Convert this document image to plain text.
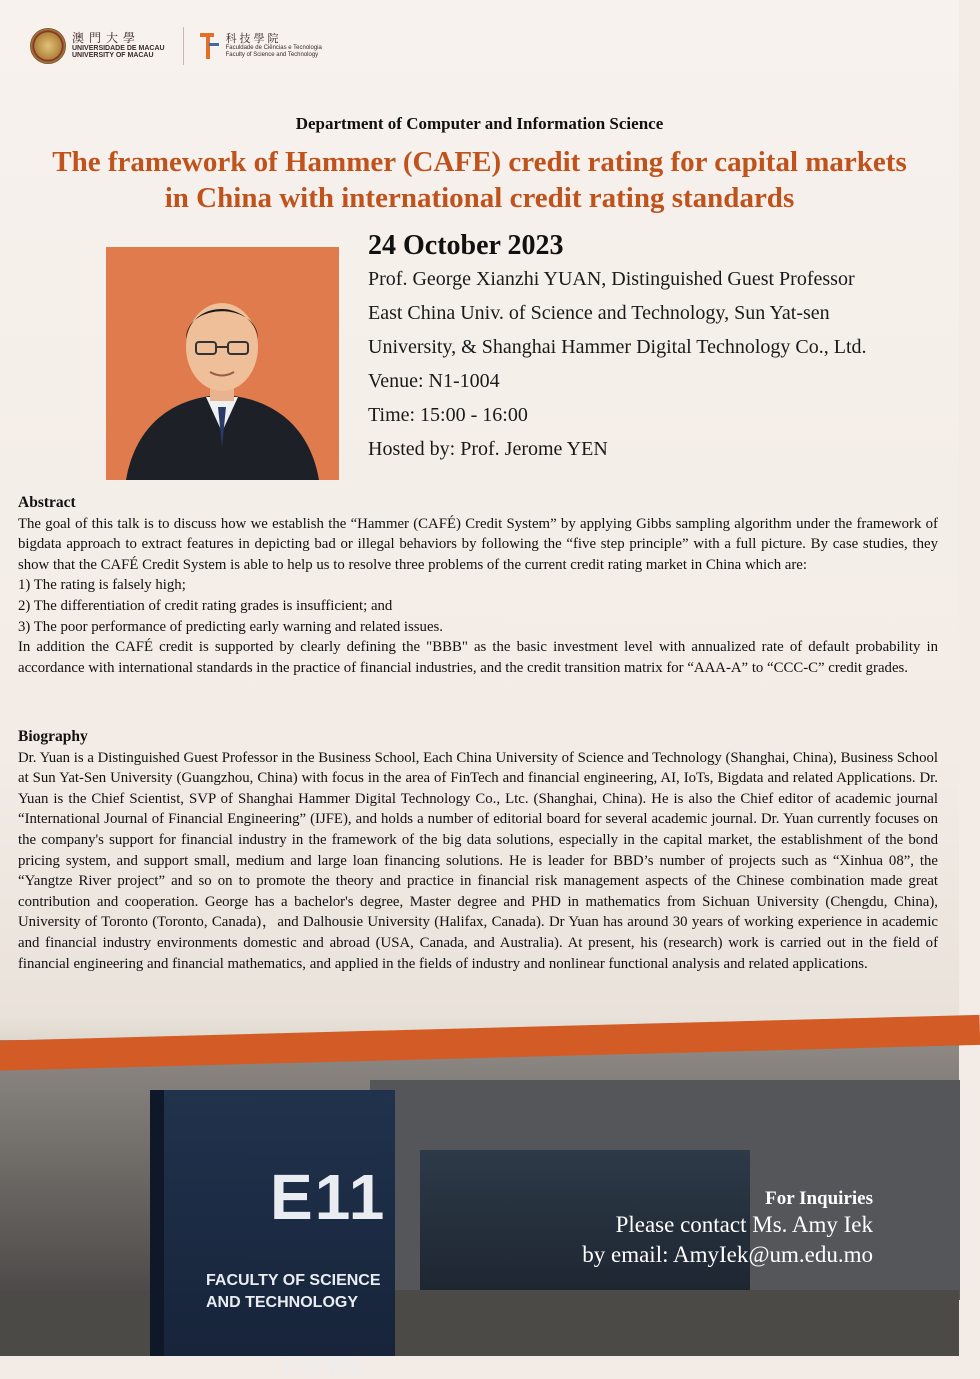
澳門大學
UNIVERSIDADE DE MACAU
UNIVERSITY OF MACAU
科技學院
Faculdade de Ciências e Tecnologia
Faculty of Science and Technology
Department of Computer and Information Science
The framework of Hammer (CAFE) credit rating for capital markets in China with international credit rating standards
24 October 2023
Prof. George Xianzhi YUAN, Distinguished Guest Professor
East China Univ. of Science and Technology, Sun Yat-sen
University, & Shanghai Hammer Digital Technology Co., Ltd.
Venue: N1-1004
Time: 15:00 - 16:00
Hosted by: Prof. Jerome YEN
Abstract

The goal of this talk is to discuss how we establish the “Hammer (CAFÉ) Credit System” by applying Gibbs sampling algorithm under the framework of bigdata approach to extract features in depicting bad or illegal behaviors by following the “five step principle” with a full picture. By case studies, they show that the CAFÉ Credit System is able to help us to resolve three problems of the current credit rating market in China which are:

1) The rating is falsely high;

2) The differentiation of credit rating grades is insufficient; and

3) The poor performance of predicting early warning and related issues.

In addition the CAFÉ credit is supported by clearly defining the "BBB" as the basic investment level with annualized rate of default probability in accordance with international standards in the practice of financial industries, and the credit transition matrix for “AAA-A” to “CCC-C” credit grades.

Biography

Dr. Yuan is a Distinguished Guest Professor in the Business School, Each China University of Science and Technology (Shanghai, China), Business School at Sun Yat-Sen University (Guangzhou, China) with focus in the area of FinTech and financial engineering, AI, IoTs, Bigdata and related Applications. Dr. Yuan is the Chief Scientist, SVP of Shanghai Hammer Digital Technology Co., Ltc. (Shanghai, China). He is also the Chief editor of academic journal “International Journal of Financial Engineering” (IJFE), and holds a number of editorial board for several academic journal. Dr. Yuan currently focuses on the company's support for financial industry in the framework of the big data solutions, especially in the capital market, the establishment of the bond pricing system, and support small, medium and large loan financing solutions. He is leader for BBD’s number of projects such as “Xinhua 08”, the “Yangtze River project” and so on to promote the theory and practice in financial risk management aspects of the Chinese combination made great contribution and cooperation. George has a bachelor's degree, Master degree and PHD in mathematics from Sichuan University (Chengdu, China), University of Toronto (Toronto, Canada)，and Dalhousie University (Halifax, Canada). Dr Yuan has around 30 years of working experience in academic and financial industry environments domestic and abroad (USA, Canada, and Australia). At present, his (research) work is carried out in the field of financial engineering and financial mathematics, and applied in the fields of industry and nonlinear functional analysis and related applications.

E11
FACULTY OF SCIENCE
AND TECHNOLOGY
科技學院
For Inquiries
Please contact Ms. Amy Iek
by email: AmyIek@um.edu.mo
